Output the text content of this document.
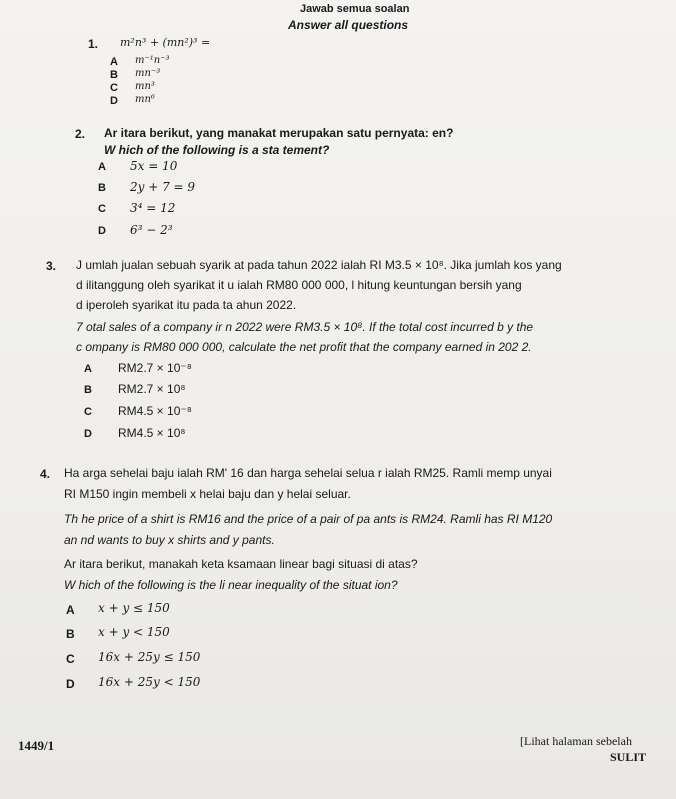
Jawab semua soalan
Answer all questions
1. m²n³ + (mn²)³ =
A m⁻¹n⁻³
B mn⁻³
C mn³
D mn⁶
2. Ar itara berikut, yang manakat merupakan satu pernyata: en?
W hich of the following is a sta tement?
A 5x = 10
B 2y + 7 = 9
C 3⁴ = 12
D 6³ − 2³
3. J umlah jualan sebuah syarik at pada tahun 2022 ialah RI M3.5 × 10⁸. Jika jumlah kos yang
d ilitanggung oleh syarikat it u ialah RM80 000 000, l hitung keuntungan bersih yang
d iperoleh syarikat itu pada ta ahun 2022.
7 otal sales of a company ir n 2022 were RM3.5 × 10⁸. If the total cost incurred b y the
c ompany is RM80 000 000, calculate the net profit that the company earned in 202 2.
A RM2.7 × 10⁻⁸
B RM2.7 × 10⁸
C RM4.5 × 10⁻⁸
D RM4.5 × 10⁸
4. Ha arga sehelai baju ialah RM' 16 dan harga sehelai selua r ialah RM25. Ramli memp unyai
RI M150 ingin membeli x helai baju dan y helai seluar.
Th he price of a shirt is RM16 and the price of a pair of pa ants is RM24. Ramli has RI M120
an nd wants to buy x shirts and y pants.
Ar itara berikut, manakah keta ksamaan linear bagi situasi di atas?
W hich of the following is the li near inequality of the situat ion?
A x + y ≤ 150
B x + y < 150
C 16x + 25y ≤ 150
D 16x + 25y < 150
1449/1	[Lihat halaman sebelah
SULIT
